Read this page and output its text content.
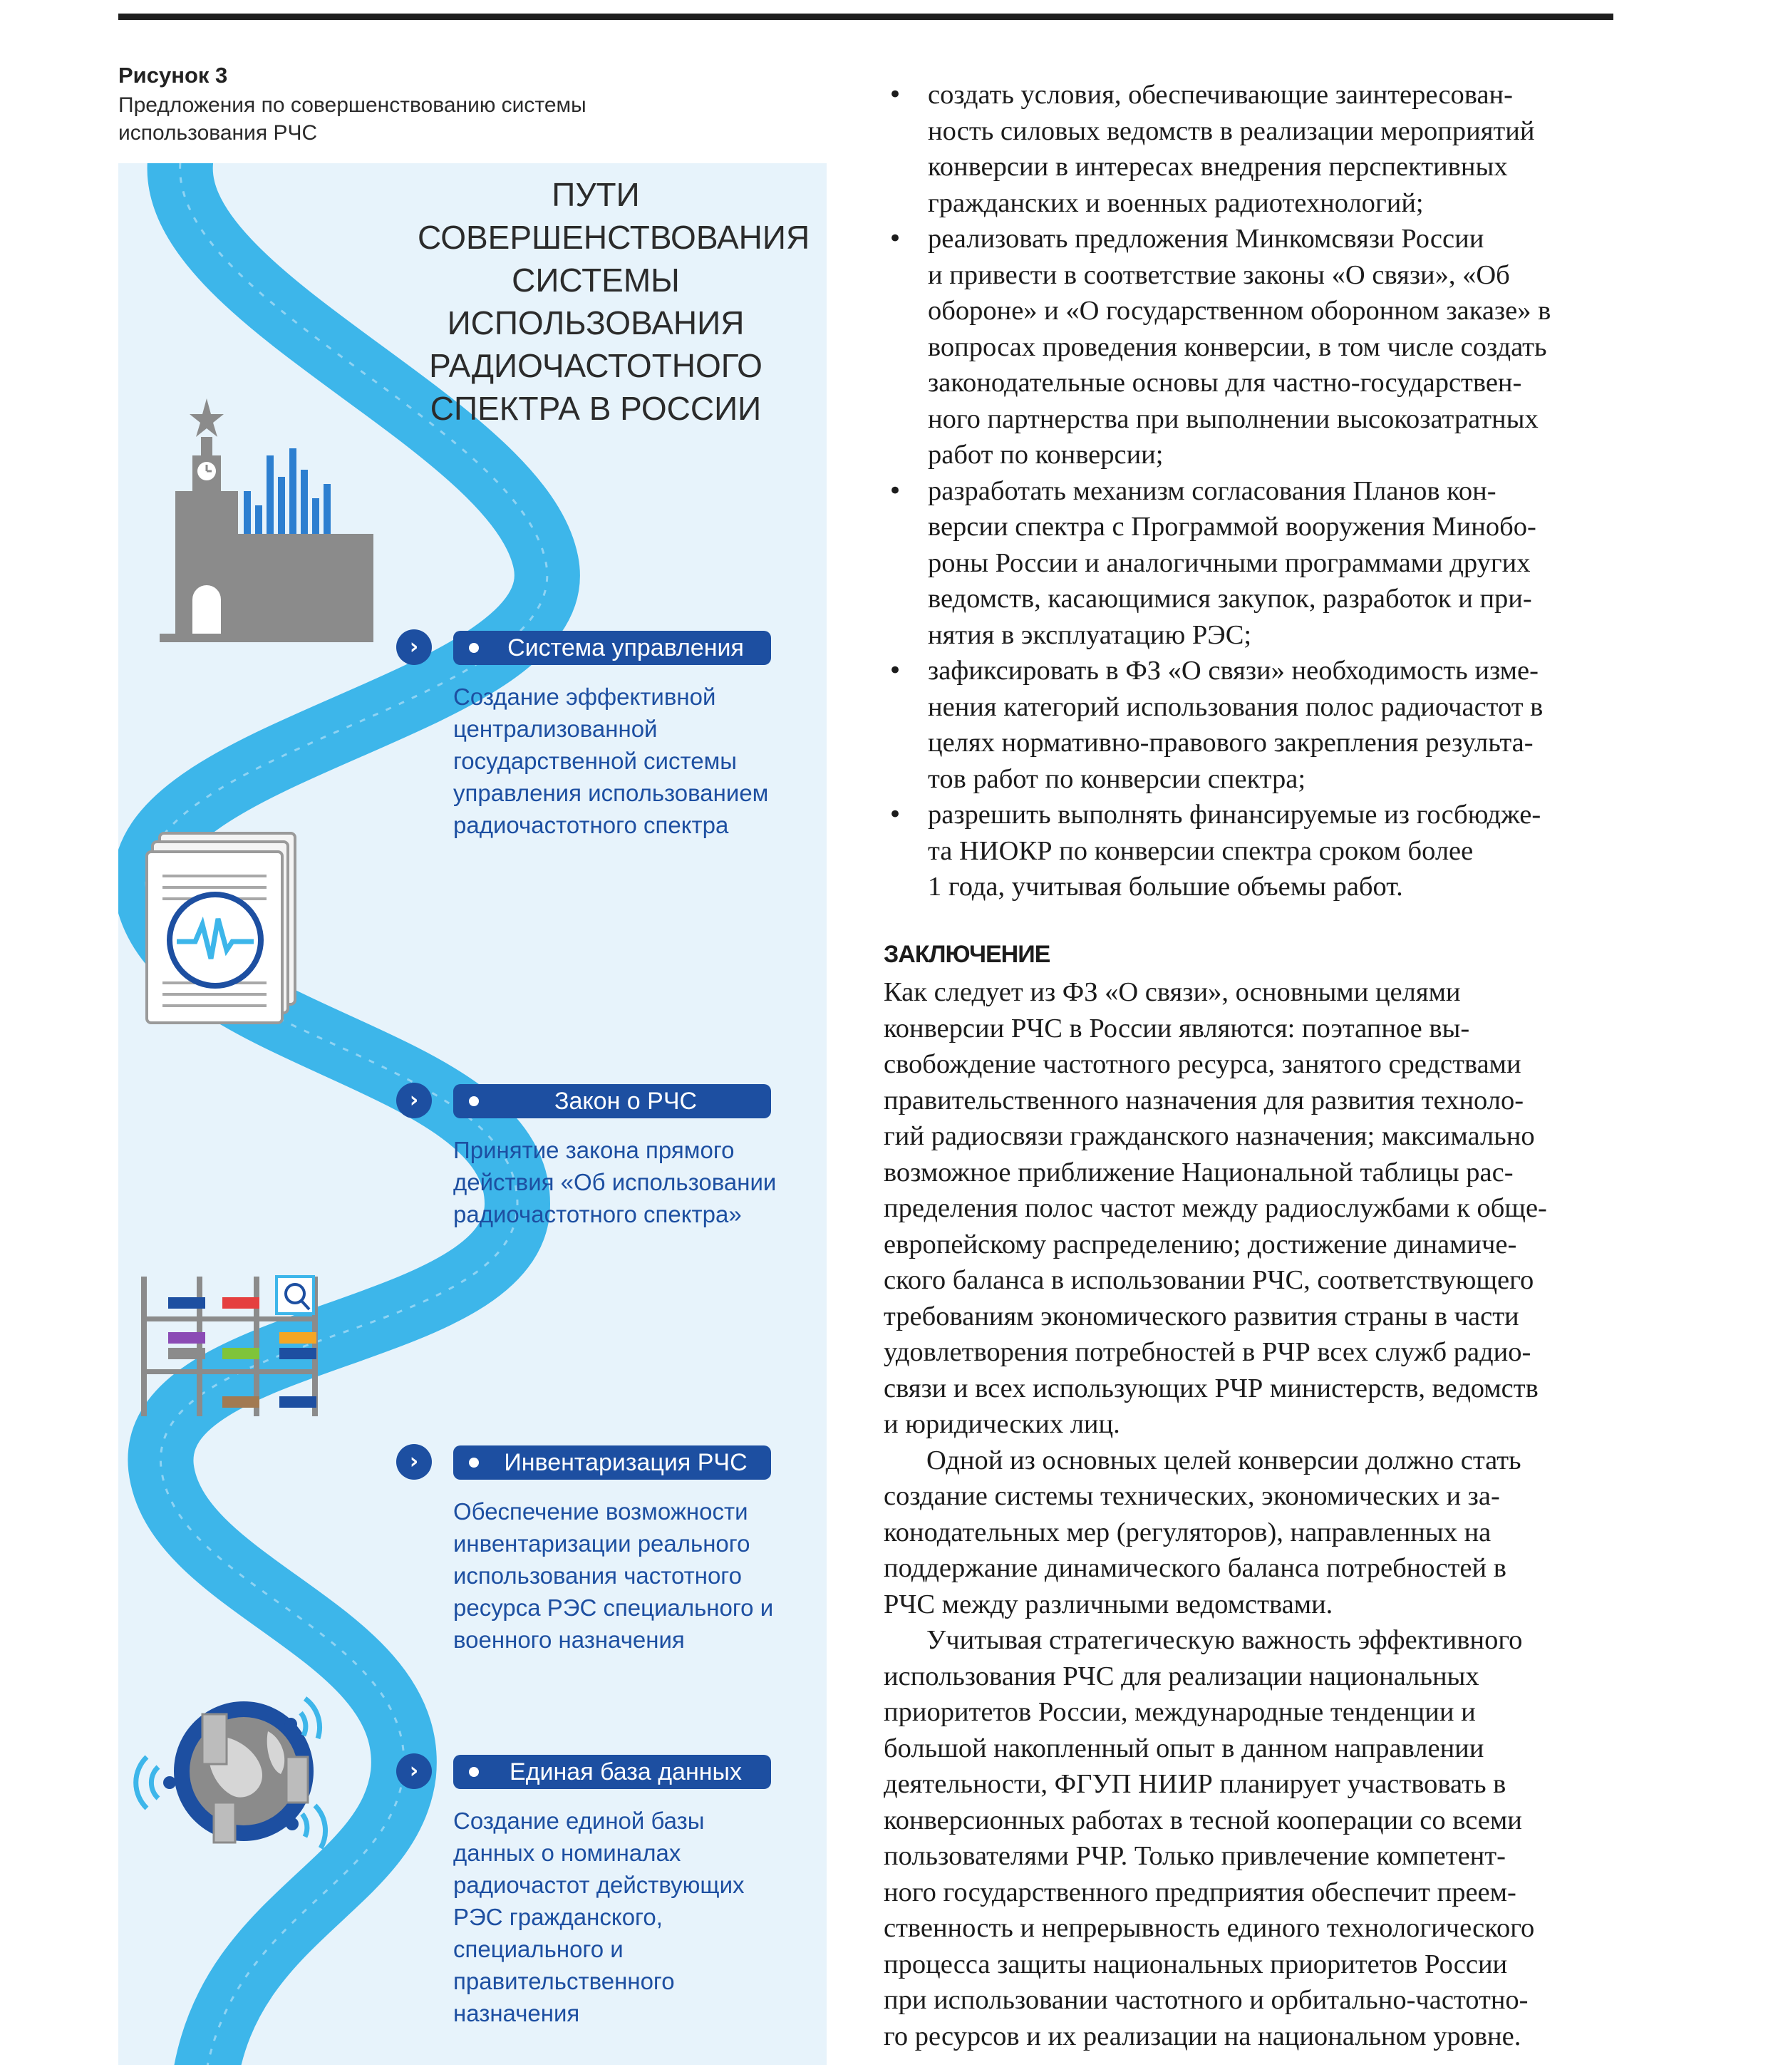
Рисунок 3
Предложения по совершенствованию системы
использования РЧС
ПУТИ
СОВЕРШЕНСТВОВАНИЯ
СИСТЕМЫ
ИСПОЛЬЗОВАНИЯ
РАДИОЧАСТОТНОГО
СПЕКТРА В РОССИИ
›	Система управления
Создание эффективной
централизованной
государственной системы
управления использованием
радиочастотного спектра
›	Закон о РЧС
Принятие закона прямого
действия «Об использовании
радиочастотного спектра»
›	Инвентаризация РЧС
Обеспечение возможности
инвентаризации реального
использования частотного
ресурса РЭС специального и
военного назначения
›	Единая база данных
Создание единой базы
данных о номиналах
радиочастот действующих
РЭС гражданского,
специального и
правительственного
назначения
• создать условия, обеспечивающие заинтересован-
ность силовых ведомств в реализации мероприятий
конверсии в интересах внедрения перспективных
гражданских и военных радиотехнологий;
• реализовать предложения Минкомсвязи России
и привести в соответствие законы «О связи», «Об
обороне» и «О государственном оборонном заказе» в
вопросах проведения конверсии, в том числе создать
законодательные основы для частно-государствен-
ного партнерства при выполнении высокозатратных
работ по конверсии;
• разработать механизм согласования Планов кон-
версии спектра с Программой вооружения Минобо-
роны России и аналогичными программами других
ведомств, касающимися закупок, разработок и при-
нятия в эксплуатацию РЭС;
• зафиксировать в ФЗ «О связи» необходимость изме-
нения категорий использования полос радиочастот в
целях нормативно-правового закрепления результа-
тов работ по конверсии спектра;
• разрешить выполнять финансируемые из госбюдже-
та НИОКР по конверсии спектра сроком более
1 года, учитывая большие объемы работ.
ЗАКЛЮЧЕНИЕ
Как следует из ФЗ «О связи», основными целями
конверсии РЧС в России являются: поэтапное вы-
свобождение частотного ресурса, занятого средствами
правительственного назначения для развития техноло-
гий радиосвязи гражданского назначения; максимально
возможное приближение Национальной таблицы рас-
пределения полос частот между радиослужбами к обще-
европейскому распределению; достижение динамиче-
ского баланса в использовании РЧС, соответствующего
требованиям экономического развития страны в части
удовлетворения потребностей в РЧР всех служб радио-
связи и всех использующих РЧР министерств, ведомств
и юридических лиц.
Одной из основных целей конверсии должно стать
создание системы технических, экономических и за-
конодательных мер (регуляторов), направленных на
поддержание динамического баланса потребностей в
РЧС между различными ведомствами.
Учитывая стратегическую важность эффективного
использования РЧС для реализации национальных
приоритетов России, международные тенденции и
большой накопленный опыт в данном направлении
деятельности, ФГУП НИИР планирует участвовать в
конверсионных работах в тесной кооперации со всеми
пользователями РЧР. Только привлечение компетент-
ного государственного предприятия обеспечит преем-
ственность и непрерывность единого технологического
процесса защиты национальных приоритетов России
при использовании частотного и орбитально-частотно-
го ресурсов и их реализации на национальном уровне.
